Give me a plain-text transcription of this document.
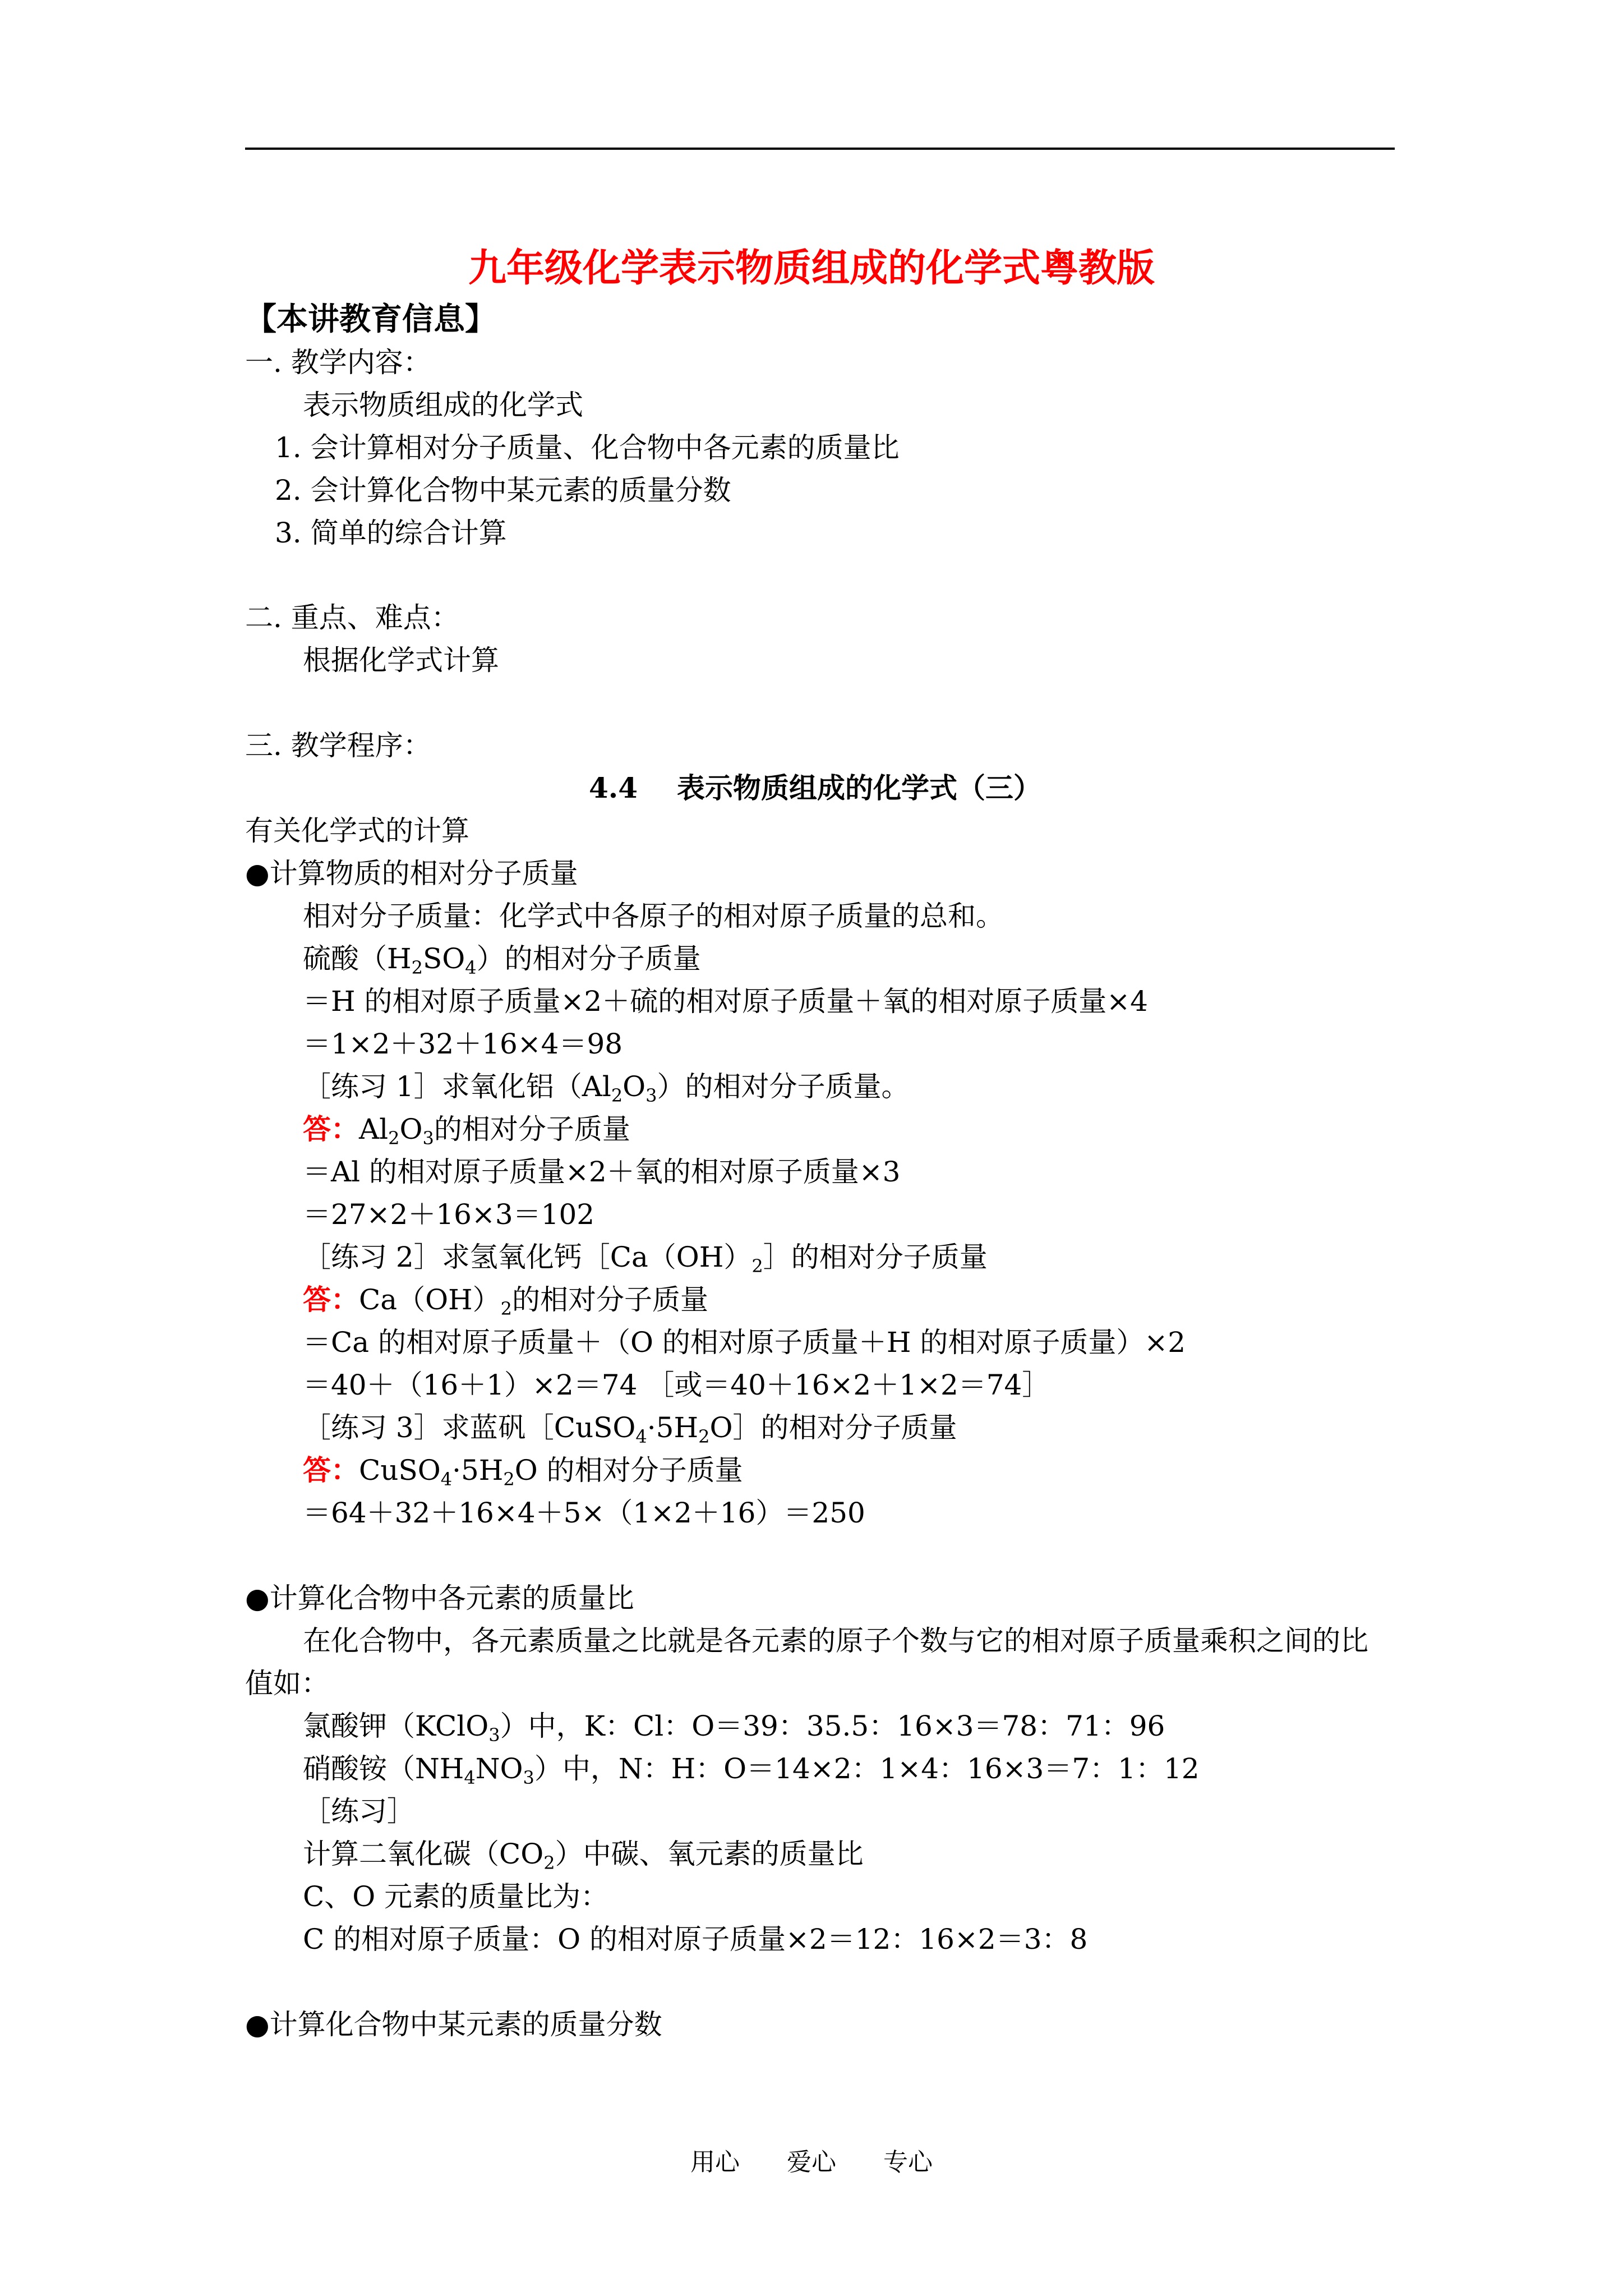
九年级化学表示物质组成的化学式粤教版
【本讲教育信息】
一. 教学内容：
表示物质组成的化学式
1. 会计算相对分子质量、化合物中各元素的质量比
2. 会计算化合物中某元素的质量分数
3. 简单的综合计算
二. 重点、难点：
根据化学式计算
三. 教学程序：
4.4 表示物质组成的化学式（三）
有关化学式的计算
●计算物质的相对分子质量
相对分子质量：化学式中各原子的相对原子质量的总和。
硫酸$(H_2SO_4)$的相对分子质量
＝H 的相对原子质量×2＋硫的相对原子质量＋氧的相对原子质量×4
＝1×2＋32＋16×4＝98
［练习 1］求氧化铝$(Al_2O_3)$的相对分子质量。
答：$Al_2O_3$的相对分子质量
＝Al 的相对原子质量×2＋氧的相对原子质量×3
＝27×2＋16×3＝102
［练习 2］求氢氧化钙$[Ca(OH)_2]$的相对分子质量
答：$Ca(OH)_2$的相对分子质量
＝Ca 的相对原子质量＋（O 的相对原子质量＋H 的相对原子质量）×2
＝40＋（16＋1）×2＝74 ［或＝40＋16×2＋1×2＝74］
［练习 3］求蓝矾$[CuSO_4\cdot 5H_2O]$的相对分子质量
答：$CuSO_4\cdot 5H_2O$ 的相对分子质量
＝64＋32＋16×4＋5×（1×2＋16）＝250
●计算化合物中各元素的质量比
在化合物中，各元素质量之比就是各元素的原子个数与它的相对原子质量乘积之间的比
值如：
氯酸钾（KClO$_3$）中，K：Cl：O＝39：35.5：16×3＝78：71：96
硝酸铵$(NH_4NO_3)$中，N：H：O＝14×2：1×4：16×3＝7：1：12
［练习］
计算二氧化碳$(CO_2)$中碳、氧元素的质量比
C、O 元素的质量比为：
C 的相对原子质量：O 的相对原子质量×2＝12：16×2＝3：8
●计算化合物中某元素的质量分数
用心 爱心 专心
